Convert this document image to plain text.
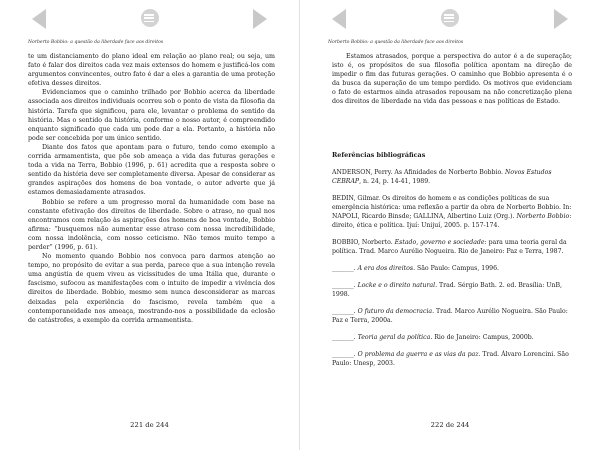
Norberto Bobbio: a questão da liberdade face aos direitos

te um distanciamento do plano ideal em relação ao plano real; ou seja, um fato é falar dos direitos cada vez mais extensos do homem e justificá-los com argumentos convincentes, outro fato é dar a eles a garantia de uma proteção efetiva desses direitos.

Evidenciamos que o caminho trilhado por Bobbio acerca da liberdade associada aos direitos individuais ocorreu sob o ponto de vista da filosofia da história. Tarefa que significou, para ele, levantar o problema do sentido da história. Mas o sentido da história, conforme o nosso autor, é compreendido enquanto significado que cada um pode dar a ela. Portanto, a história não pode ser concebida por um único sentido.

Diante dos fatos que apontam para o futuro, tendo como exemplo a corrida armamentista, que põe sob ameaça a vida das futuras gerações e toda a vida na Terra, Bobbio (1996, p. 61) acredita que a resposta sobre o sentido da história deve ser completamente diversa. Apesar de considerar as grandes aspirações dos homens de boa vontade, o autor adverte que já estamos demasiadamente atrasados.

Bobbio se refere a um progresso moral da humanidade com base na constante efetivação dos direitos de liberdade. Sobre o atraso, no qual nos encontramos com relação às aspirações dos homens de boa vontade, Bobbio afirma: “busquemos não aumentar esse atraso com nossa incredibilidade, com nossa indolência, com nosso ceticismo. Não temos muito tempo a perder” (1996, p. 61).

No momento quando Bobbio nos convoca para darmos atenção ao tempo, no propósito de evitar a sua perda, parece que a sua intenção revela uma angústia de quem viveu as vicissitudes de uma Itália que, durante o fascismo, sufocou as manifestações com o intuito de impedir a vivência dos direitos de liberdade. Bobbio, mesmo sem nunca desconsiderar as marcas deixadas pela experiência do fascismo, revela também que a contemporaneidade nos ameaça, mostrando-nos a possibilidade da eclosão de catástrofes, a exemplo da corrida armamentista.

221 de 244
Norberto Bobbio: a questão da liberdade face aos direitos

Estamos atrasados, porque a perspectiva do autor é a de superação; isto é, os propósitos de sua filosofia política apontam na direção de impedir o fim das futuras gerações. O caminho que Bobbio apresenta é o da busca da superação de um tempo perdido. Os motivos que evidenciam o fato de estarmos ainda atrasados repousam na não concretização plena dos direitos de liberdade na vida das pessoas e nas políticas de Estado.

Referências bibliográficas

ANDERSON, Perry. As Afinidades de Norberto Bobbio. Novos Estudos CEBRAP, n. 24, p. 14-41, 1989.

BEDIN, Gilmar. Os direitos do homem e as condições políticas de sua emergência histórica: uma reflexão a partir da obra de Norberto Bobbio. In: NAPOLI, Ricardo Binsde; GALLINA, Albertino Luiz (Org.). Norberto Bobbio: direito, ética e política. Ijuí: Unijuí, 2005. p. 157-174.

BOBBIO, Norberto. Estado, governo e sociedade: para uma teoria geral da política. Trad. Marco Aurélio Nogueira. Rio de Janeiro: Paz e Terra, 1987.

_______. A era dos direitos. São Paulo: Campus, 1996.

_______. Locke e o direito natural. Trad. Sérgio Bath. 2. ed. Brasília: UnB, 1998.

_______. O futuro da democracia. Trad. Marco Aurélio Nogueira. São Paulo: Paz e Terra, 2000a.

_______. Teoria geral da política. Rio de Janeiro: Campus, 2000b.

_______. O problema da guerra e as vias da paz. Trad. Álvaro Lorencini. São Paulo: Unesp, 2003.

222 de 244
